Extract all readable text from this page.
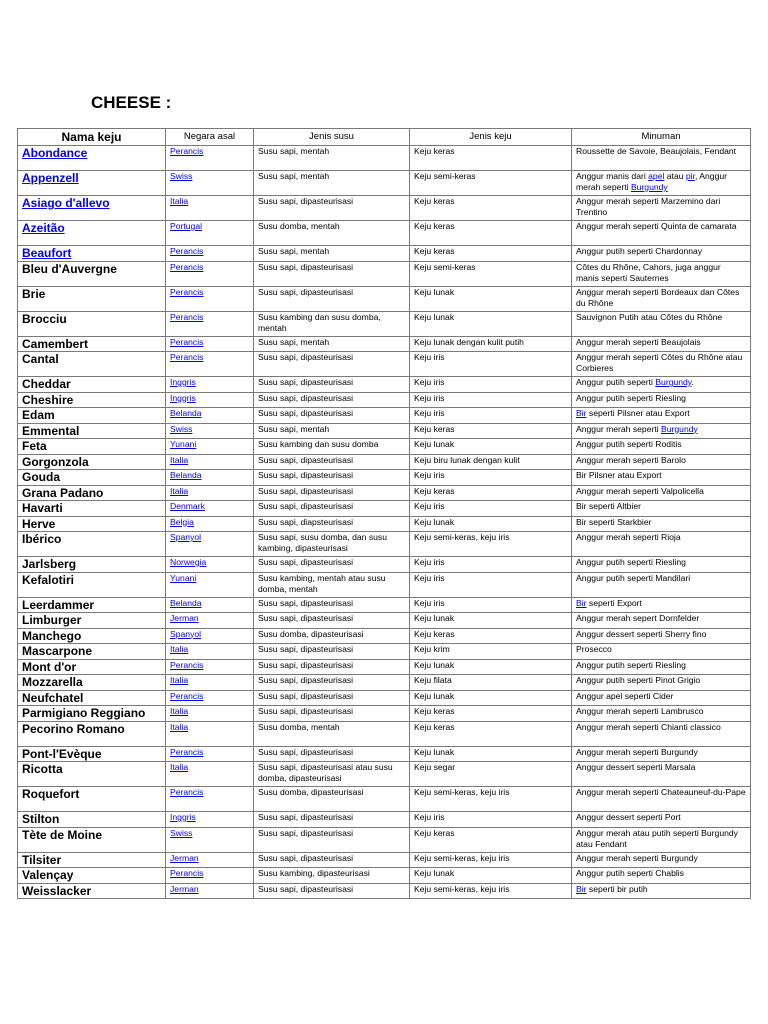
CHEESE :
Nama keju	Negara asal	Jenis susu	Jenis keju	Minuman
Abondance	Perancis	Susu sapi, mentah	Keju keras	Roussette de Savoie, Beaujolais, Fendant
Appenzell	Swiss	Susu sapi, mentah	Keju semi-keras	Anggur manis dari apel atau pir, Anggur merah seperti Burgundy
Asiago d'allevo	Italia	Susu sapi, dipasteurisasi	Keju keras	Anggur merah seperti Marzemino dari Trentino
Azeitão	Portugal	Susu domba, mentah	Keju keras	Anggur merah seperti Quinta de camarata
Beaufort	Perancis	Susu sapi, mentah	Keju keras	Anggur putih seperti Chardonnay
Bleu d'Auvergne	Perancis	Susu sapi, dipasteurisasi	Keju semi-keras	Côtes du Rhône, Cahors, juga anggur manis seperti Sauternes
Brie	Perancis	Susu sapi, dipasteurisasi	Keju lunak	Anggur merah seperti Bordeaux dan Côtes du Rhône
Brocciu	Perancis	Susu kambing dan susu domba, mentah	Keju lunak	Sauvignon Putih atau Côtes du Rhône
Camembert	Perancis	Susu sapi, mentah	Keju lunak dengan kulit putih	Anggur merah seperti Beaujolais
Cantal	Perancis	Susu sapi, dipasteurisasi	Keju iris	Anggur merah seperti Côtes du Rhône atau Corbieres
Cheddar	Inggris	Susu sapi, dipasteurisasi	Keju iris	Anggur putih seperti Burgundy.
Cheshire	Inggris	Susu sapi, dipasteurisasi	Keju iris	Anggur putih seperti Riesling
Edam	Belanda	Susu sapi, dipasteurisasi	Keju iris	Bir seperti Pilsner atau Export
Emmental	Swiss	Susu sapi, mentah	Keju keras	Anggur merah seperti Burgundy
Feta	Yunani	Susu kambing dan susu domba	Keju lunak	Anggur putih seperti Roditis
Gorgonzola	Italia	Susu sapi, dipasteurisasi	Keju biru lunak dengan kulit	Anggur merah seperti Barolo
Gouda	Belanda	Susu sapi, dipasteurisasi	Keju iris	Bir Pilsner atau Export
Grana Padano	Italia	Susu sapi, dipasteurisasi	Keju keras	Anggur merah seperti Valpolicella
Havarti	Denmark	Susu sapi, dipasteurisasi	Keju iris	Bir seperti Altbier
Herve	Belgia	Susu sapi, diapsteurisasi	Keju lunak	Bir seperti Starkbier
Ibérico	Spanyol	Susu sapi, susu domba, dan susu kambing, dipasteurisasi	Keju semi-keras, keju iris	Anggur merah seperti Rioja
Jarlsberg	Norwegia	Susu sapi, dipasteurisasi	Keju iris	Anggur putih seperti Riesling
Kefalotiri	Yunani	Susu kambing, mentah atau susu domba, mentah	Keju iris	Anggur putih seperti Mandilari
Leerdammer	Belanda	Susu sapi, dipasteurisasi	Keju iris	Bir seperti Export
Limburger	Jerman	Susu sapi, dipasteurisasi	Keju lunak	Anggur merah sepert Dornfelder
Manchego	Spanyol	Susu domba, dipasteurisasi	Keju keras	Anggur dessert seperti Sherry fino
Mascarpone	Italia	Susu sapi, dipasteurisasi	Keju krim	Prosecco
Mont d'or	Perancis	Susu sapi, dipasteurisasi	Keju lunak	Anggur putih seperti Riesling
Mozzarella	Italia	Susu sapi, dipasteurisasi	Keju filata	Anggur putih seperti Pinot Grigio
Neufchatel	Perancis	Susu sapi, dipasteurisasi	Keju lunak	Anggur apel seperti Cider
Parmigiano Reggiano	Italia	Susu sapi, dipasteurisasi	Keju keras	Anggur merah seperti Lambrusco
Pecorino Romano	Italia	Susu domba, mentah	Keju keras	Anggur merah seperti Chianti classico
Pont-l'Evèque	Perancis	Susu sapi, dipasteurisasi	Keju lunak	Anggur merah seperti Burgundy
Ricotta	Italia	Susu sapi, dipasteurisasi atau susu domba, dipasteurisasi	Keju segar	Anggur dessert seperti Marsala
Roquefort	Perancis	Susu domba, dipasteurisasi	Keju semi-keras, keju iris	Anggur merah seperti Chateauneuf-du-Pape
Stilton	Inggris	Susu sapi, dipasteurisasi	Keju iris	Anggur dessert seperti Port
Tète de Moine	Swiss	Susu sapi, dipasteurisasi	Keju keras	Anggur merah atau putih seperti Burgundy atau Fendant
Tilsiter	Jerman	Susu sapi, dipasteurisasi	Keju semi-keras, keju iris	Anggur merah seperti Burgundy
Valençay	Perancis	Susu kambing, dipasteurisasi	Keju lunak	Anggur putih seperti Chablis
Weisslacker	Jerman	Susu sapi, dipasteurisasi	Keju semi-keras, keju iris	Bir seperti bir putih
